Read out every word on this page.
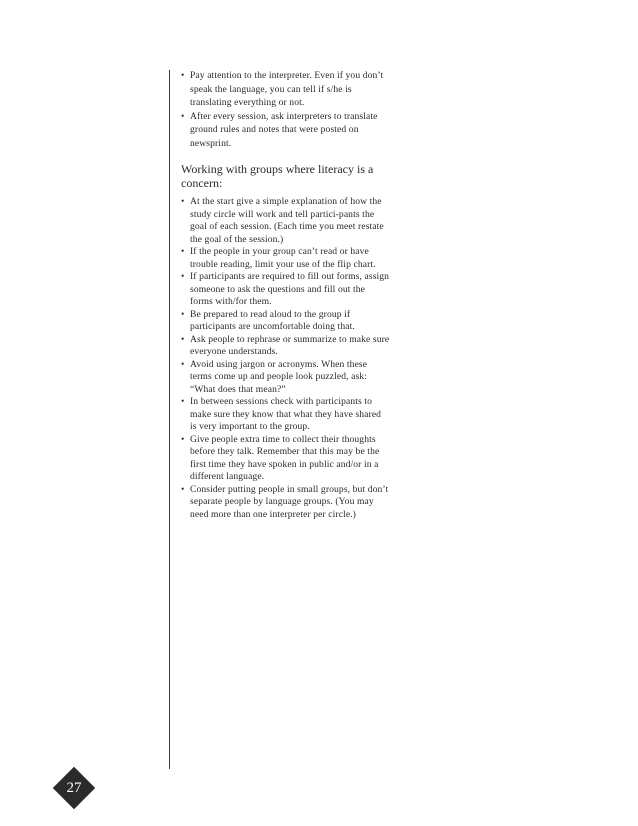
• Pay attention to the interpreter. Even if you don’t speak the language, you can tell if s/he is translating everything or not.
• After every session, ask interpreters to translate ground rules and notes that were posted on newsprint.
Working with groups where literacy is a concern:
• At the start give a simple explanation of how the study circle will work and tell partici-pants the goal of each session. (Each time you meet restate the goal of the session.)
• If the people in your group can’t read or have trouble reading, limit your use of the flip chart.
• If participants are required to fill out forms, assign someone to ask the questions and fill out the forms with/for them.
• Be prepared to read aloud to the group if participants are uncomfortable doing that.
• Ask people to rephrase or summarize to make sure everyone understands.
• Avoid using jargon or acronyms. When these terms come up and people look puzzled, ask: “What does that mean?”
• In between sessions check with participants to make sure they know that what they have shared is very important to the group.
• Give people extra time to collect their thoughts before they talk. Remember that this may be the first time they have spoken in public and/or in a different language.
• Consider putting people in small groups, but don’t separate people by language groups. (You may need more than one interpreter per circle.)
27
